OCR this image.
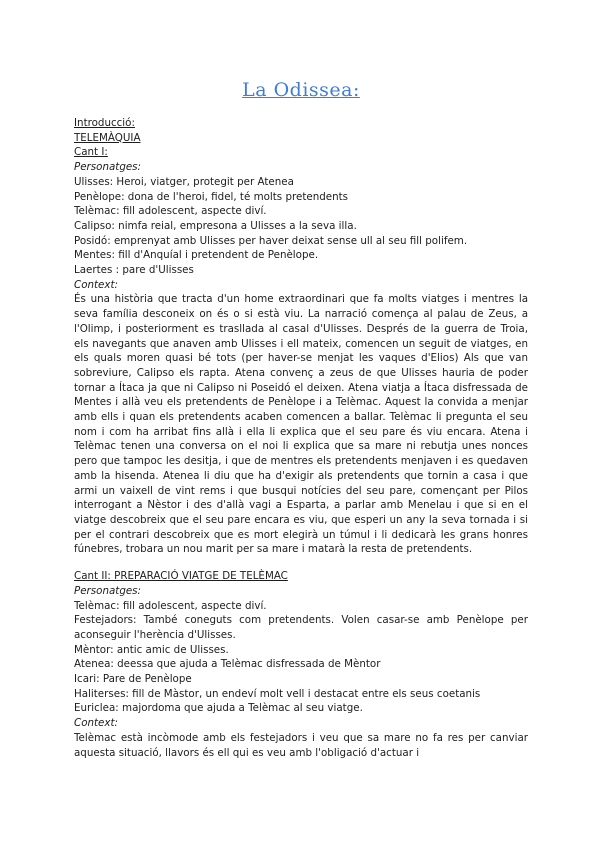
La Odissea:
Introducció:
TELEMÀQUIA
Cant I:
Personatges:
Ulisses: Heroi, viatger, protegit per Atenea
Penèlope: dona de l'heroi, fidel, té molts pretendents
Telèmac: fill adolescent, aspecte diví.
Calipso: nimfa reial, empresona a Ulisses a la seva illa.
Posidó: emprenyat amb Ulisses per haver deixat sense ull al seu fill polifem.
Mentes: fill d'Anquíal i pretendent de Penèlope.
Laertes : pare d'Ulisses
Context:
És una història que tracta d'un home extraordinari que fa molts viatges i mentres la seva família desconeix on és o si està viu. La narració comença al palau de Zeus, a l'Olimp, i posteriorment es trasllada al casal d'Ulisses. Després de la guerra de Troia, els navegants que anaven amb Ulisses i ell mateix, comencen un seguit de viatges, en els quals moren quasi bé tots (per haver-se menjat les vaques d'Elios) Als que van sobreviure, Calipso els rapta. Atena convenç a zeus de que Ulisses hauria de poder tornar a Ítaca ja que ni Calipso ni Poseidó el deixen. Atena viatja a Ítaca disfressada de Mentes i allà veu els pretendents de Penèlope i a Telèmac. Aquest la convida a menjar amb ells i quan els pretendents acaben comencen a ballar. Telèmac li pregunta el seu nom i com ha arribat fins allà i ella li explica que el seu pare és viu encara. Atena i Telèmac tenen una conversa on el noi li explica que sa mare ni rebutja unes nonces pero que tampoc les desitja, i que de mentres els pretendents menjaven i es quedaven amb la hisenda. Atenea li diu que ha d'exigir als pretendents que tornin a casa i que armi un vaixell de vint rems i que busqui notícies del seu pare, començant per Pilos interrogant a Nèstor i des d'allà vagi a Esparta, a parlar amb Menelau i que si en el viatge descobreix que el seu pare encara es viu, que esperi un any la seva tornada i si per el contrari descobreix que es mort elegirà un túmul i li dedicarà les grans honres fúnebres, trobara un nou marit per sa mare i matarà la resta de pretendents.
Cant II: PREPARACIÓ VIATGE DE TELÈMAC
Personatges:
Telèmac: fill adolescent, aspecte diví.
Festejadors: També coneguts com pretendents. Volen casar-se amb Penèlope per aconseguir l'herència d'Ulisses.
Mèntor: antic amic de Ulisses.
Atenea: deessa que ajuda a Telèmac disfressada de Mèntor
Icari: Pare de Penèlope
Haliterses: fill de Màstor, un endeví molt vell i destacat entre els seus coetanis
Euriclea: majordoma que ajuda a Telèmac al seu viatge.
Context:
Telèmac està incòmode amb els festejadors i veu que sa mare no fa res per canviar aquesta situació, llavors és ell qui es veu amb l'obligació d'actuar i
